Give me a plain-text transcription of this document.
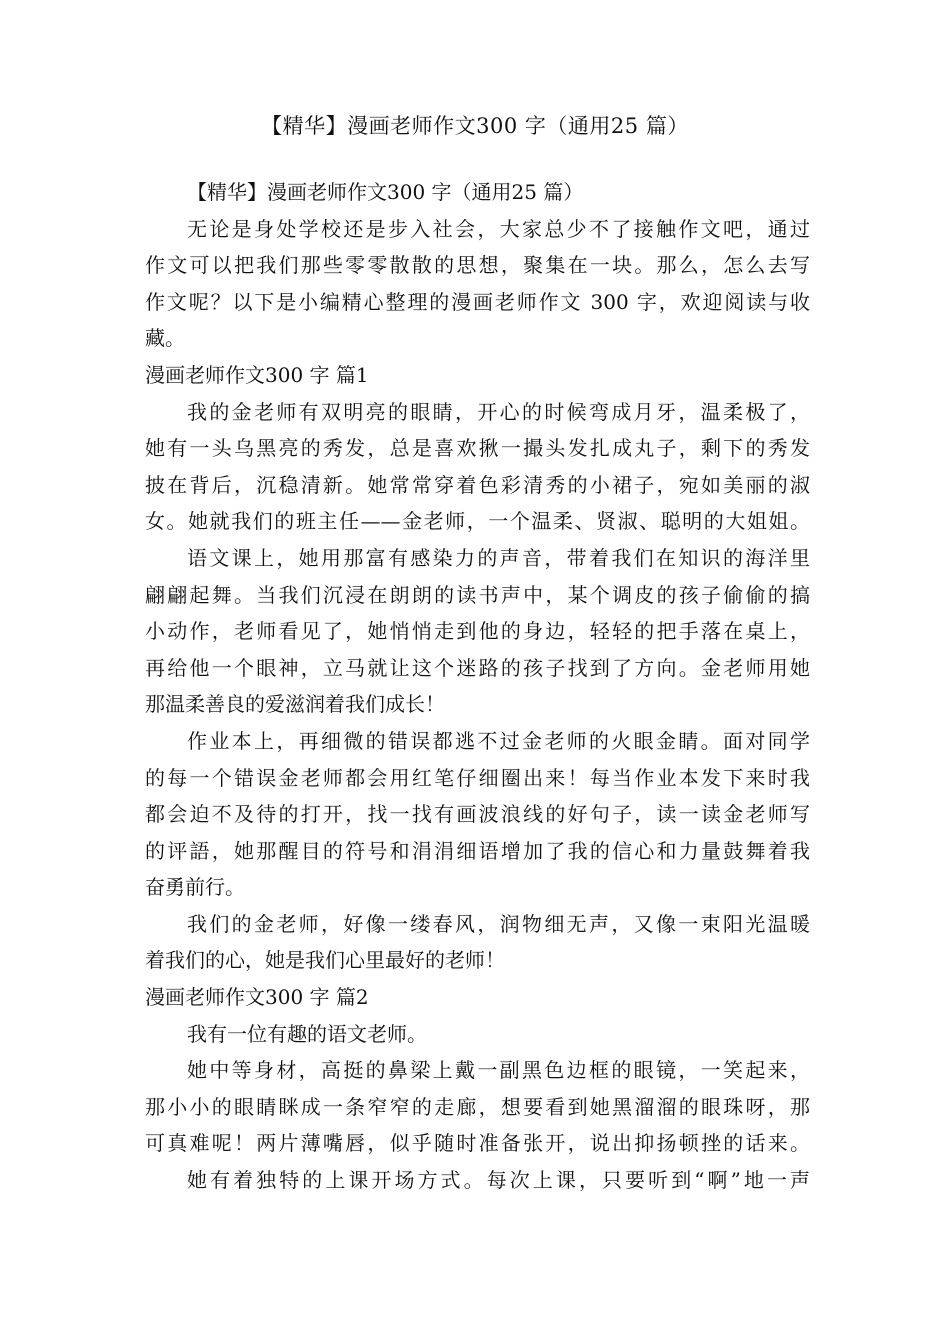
【精华】漫画老师作文300 字（通用25 篇）

【精华】漫画老师作文300 字（通用25 篇）

无论是身处学校还是步入社会，大家总少不了接触作文吧，通过

作文可以把我们那些零零散散的思想，聚集在一块。那么，怎么去写

作文呢？以下是小编精心整理的漫画老师作文 300 字，欢迎阅读与收

藏。

漫画老师作文300 字 篇1

我的金老师有双明亮的眼睛，开心的时候弯成月牙，温柔极了，

她有一头乌黑亮的秀发，总是喜欢揪一撮头发扎成丸子，剩下的秀发

披在背后，沉稳清新。她常常穿着色彩清秀的小裙子，宛如美丽的淑

女。她就我们的班主任——金老师，一个温柔、贤淑、聪明的大姐姐。

语文课上，她用那富有感染力的声音，带着我们在知识的海洋里

翩翩起舞。当我们沉浸在朗朗的读书声中，某个调皮的孩子偷偷的搞

小动作，老师看见了，她悄悄走到他的身边，轻轻的把手落在桌上，

再给他一个眼神，立马就让这个迷路的孩子找到了方向。金老师用她

那温柔善良的爱滋润着我们成长！

作业本上，再细微的错误都逃不过金老师的火眼金睛。面对同学

的每一个错误金老师都会用红笔仔细圈出来！每当作业本发下来时我

都会迫不及待的打开，找一找有画波浪线的好句子，读一读金老师写

的评語，她那醒目的符号和涓涓细语增加了我的信心和力量鼓舞着我

奋勇前行。

我们的金老师，好像一缕春风，润物细无声，又像一束阳光温暖

着我们的心，她是我们心里最好的老师！

漫画老师作文300 字 篇2

我有一位有趣的语文老师。

她中等身材，高挺的鼻梁上戴一副黑色边框的眼镜，一笑起来，

那小小的眼睛眯成一条窄窄的走廊，想要看到她黑溜溜的眼珠呀，那

可真难呢！两片薄嘴唇，似乎随时准备张开，说出抑扬顿挫的话来。

她有着独特的上课开场方式。每次上课，只要听到“啊”地一声
